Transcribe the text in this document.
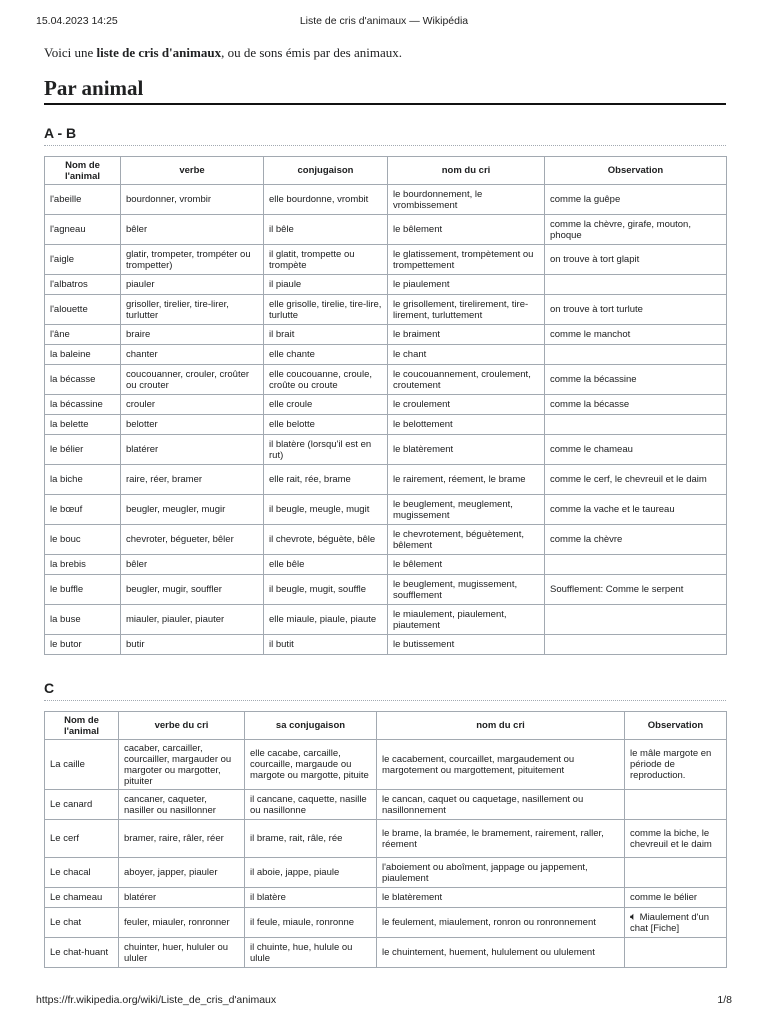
15.04.2023 14:25	Liste de cris d'animaux — Wikipédia

Voici une liste de cris d'animaux, ou de sons émis par des animaux.

Par animal
A - B
Nom de l'animal	verbe	conjugaison	nom du cri	Observation
l'abeille	bourdonner, vrombir	elle bourdonne, vrombit	le bourdonnement, le vrombissement	comme la guêpe
l'agneau	bêler	il bêle	le bêlement	comme la chèvre, girafe, mouton, phoque
l'aigle	glatir, trompeter, trompéter ou trompetter)	il glatit, trompette ou trompète	le glatissement, trompètement ou trompettement	on trouve à tort glapit
l'albatros	piauler	il piaule	le piaulement	
l'alouette	grisoller, tirelier, tire-lirer, turlutter	elle grisolle, tirelie, tire-lire, turlutte	le grisollement, tirelirement, tire-lirement, turluttement	on trouve à tort turlute
l'âne	braire	il brait	le braiment	comme le manchot
la baleine	chanter	elle chante	le chant	
la bécasse	coucouanner, crouler, croûter ou crouter	elle coucouanne, croule, croûte ou croute	le coucouannement, croulement, croutement	comme la bécassine
la bécassine	crouler	elle croule	le croulement	comme la bécasse
la belette	belotter	elle belotte	le belottement	
le bélier	blatérer	il blatère (lorsqu'il est en rut)	le blatèrement	comme le chameau
la biche	raire, réer, bramer	elle rait, rée, brame	le rairement, réement, le brame	comme le cerf, le chevreuil et le daim
le bœuf	beugler, meugler, mugir	il beugle, meugle, mugit	le beuglement, meuglement, mugissement	comme la vache et le taureau
le bouc	chevroter, bégueter, bêler	il chevrote, béguète, bêle	le chevrotement, béguètement, bêlement	comme la chèvre
la brebis	bêler	elle bêle	le bêlement	
le buffle	beugler, mugir, souffler	il beugle, mugit, souffle	le beuglement, mugissement, soufflement	Soufflement: Comme le serpent
la buse	miauler, piauler, piauter	elle miaule, piaule, piaute	le miaulement, piaulement, piautement	
le butor	butir	il butit	le butissement	
C
Nom de l'animal	verbe du cri	sa conjugaison	nom du cri	Observation
La caille	cacaber, carcailler, courcailler, margauder ou margoter ou margotter, pituiter	elle cacabe, carcaille, courcaille, margaude ou margote ou margotte, pituite	le cacabement, courcaillet, margaudement ou margotement ou margottement, pituitement	le mâle margote en période de reproduction.
Le canard	cancaner, caqueter, nasiller ou nasillonner	il cancane, caquette, nasille ou nasillonne	le cancan, caquet ou caquetage, nasillement ou nasillonnement	
Le cerf	bramer, raire, râler, réer	il brame, rait, râle, rée	le brame, la bramée, le bramement, rairement, raller, réement	comme la biche, le chevreuil et le daim
Le chacal	aboyer, japper, piauler	il aboie, jappe, piaule	l'aboiement ou aboîment, jappage ou jappement, piaulement	
Le chameau	blatérer	il blatère	le blatèrement	comme le bélier
Le chat	feuler, miauler, ronronner	il feule, miaule, ronronne	le feulement, miaulement, ronron ou ronronnement	🔈︎ Miaulement d'un chat [Fiche]
Le chat-huant	chuinter, huer, hululer ou ululer	il chuinte, hue, hulule ou ulule	le chuintement, huement, hululement ou ululement	
https://fr.wikipedia.org/wiki/Liste_de_cris_d'animaux	1/8
